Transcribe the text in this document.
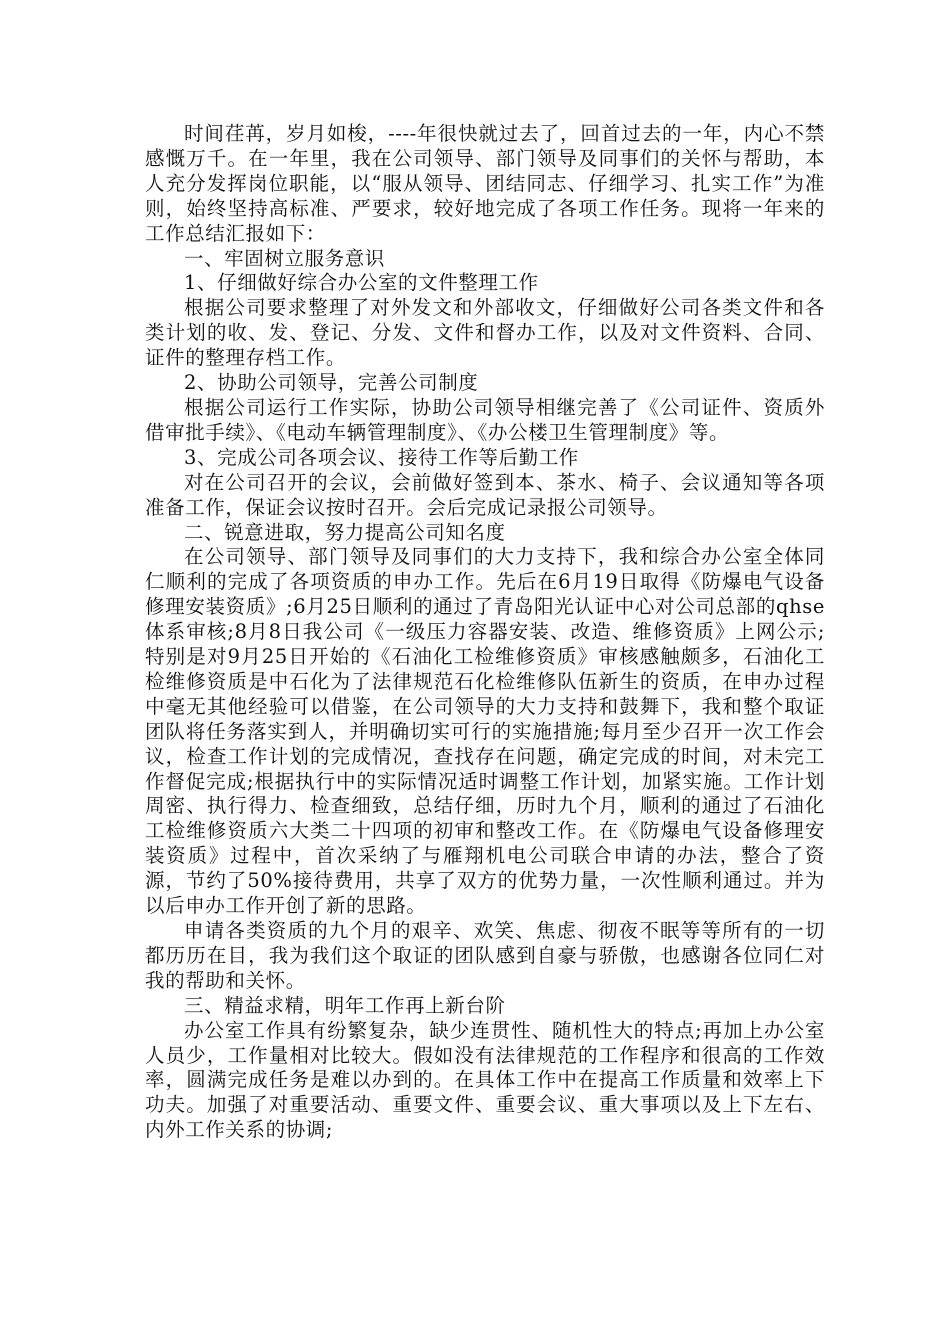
时间荏苒，岁月如梭，----年很快就过去了，回首过去的一年，内心不禁感慨万千。在一年里，我在公司领导、部门领导及同事们的关怀与帮助，本人充分发挥岗位职能，以“服从领导、团结同志、仔细学习、扎实工作”为准则，始终坚持高标准、严要求，较好地完成了各项工作任务。现将一年来的工作总结汇报如下：

一、牢固树立服务意识

1、仔细做好综合办公室的文件整理工作

根据公司要求整理了对外发文和外部收文，仔细做好公司各类文件和各类计划的收、发、登记、分发、文件和督办工作，以及对文件资料、合同、证件的整理存档工作。

2、协助公司领导，完善公司制度

根据公司运行工作实际，协助公司领导相继完善了《公司证件、资质外借审批手续》、《电动车辆管理制度》、《办公楼卫生管理制度》等。

3、完成公司各项会议、接待工作等后勤工作

对在公司召开的会议，会前做好签到本、茶水、椅子、会议通知等各项准备工作，保证会议按时召开。会后完成记录报公司领导。

二、锐意进取，努力提高公司知名度

在公司领导、部门领导及同事们的大力支持下，我和综合办公室全体同仁顺利的完成了各项资质的申办工作。先后在6月19日取得《防爆电气设备修理安装资质》;6月25日顺利的通过了青岛阳光认证中心对公司总部的qhse体系审核;8月8日我公司《一级压力容器安装、改造、维修资质》上网公示;特别是对9月25日开始的《石油化工检维修资质》审核感触颇多，石油化工检维修资质是中石化为了法律规范石化检维修队伍新生的资质，在申办过程中毫无其他经验可以借鉴，在公司领导的大力支持和鼓舞下，我和整个取证团队将任务落实到人，并明确切实可行的实施措施;每月至少召开一次工作会议，检查工作计划的完成情况，查找存在问题，确定完成的时间，对未完工作督促完成;根据执行中的实际情况适时调整工作计划，加紧实施。工作计划周密、执行得力、检查细致，总结仔细，历时九个月，顺利的通过了石油化工检维修资质六大类二十四项的初审和整改工作。在《防爆电气设备修理安装资质》过程中，首次采纳了与雁翔机电公司联合申请的办法，整合了资源，节约了50%接待费用，共享了双方的优势力量，一次性顺利通过。并为以后申办工作开创了新的思路。

申请各类资质的九个月的艰辛、欢笑、焦虑、彻夜不眠等等所有的一切都历历在目，我为我们这个取证的团队感到自豪与骄傲，也感谢各位同仁对我的帮助和关怀。

三、精益求精，明年工作再上新台阶

办公室工作具有纷繁复杂，缺少连贯性、随机性大的特点;再加上办公室人员少，工作量相对比较大。假如没有法律规范的工作程序和很高的工作效率，圆满完成任务是难以办到的。在具体工作中在提高工作质量和效率上下功夫。加强了对重要活动、重要文件、重要会议、重大事项以及上下左右、内外工作关系的协调;
